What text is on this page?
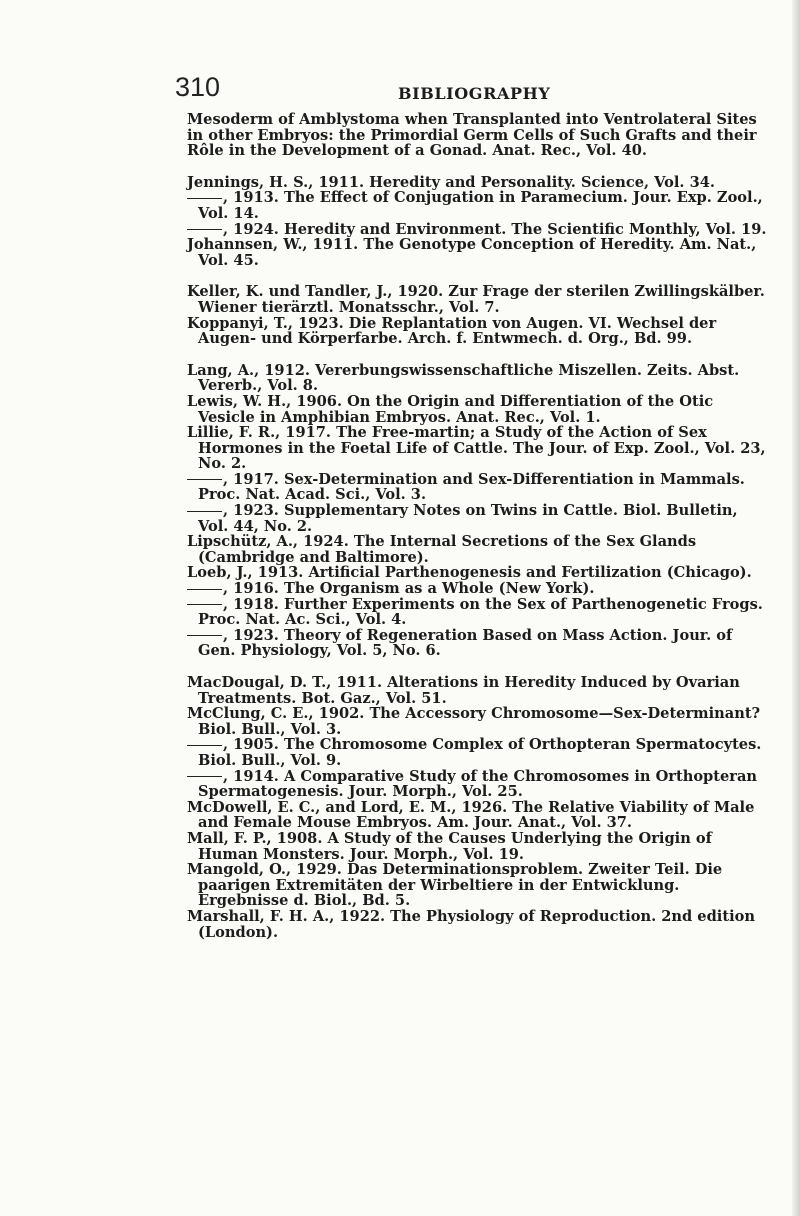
310	BIBLIOGRAPHY
Mesoderm of Amblystoma when Transplanted into Ventrolateral Sites in other Embryos: the Primordial Germ Cells of Such Grafts and their Rôle in the Development of a Gonad. Anat. Rec., Vol. 40.
Jennings, H. S., 1911. Heredity and Personality. Science, Vol. 34.
, 1913. The Effect of Conjugation in Paramecium. Jour. Exp. Zool., Vol. 14.
, 1924. Heredity and Environment. The Scientific Monthly, Vol. 19.
Johannsen, W., 1911. The Genotype Conception of Heredity. Am. Nat., Vol. 45.
Keller, K. und Tandler, J., 1920. Zur Frage der sterilen Zwillingskälber. Wiener tierärztl. Monatsschr., Vol. 7.
Koppanyi, T., 1923. Die Replantation von Augen. VI. Wechsel der Augen- und Körperfarbe. Arch. f. Entwmech. d. Org., Bd. 99.
Lang, A., 1912. Vererbungswissenschaftliche Miszellen. Zeits. Abst. Vererb., Vol. 8.
Lewis, W. H., 1906. On the Origin and Differentiation of the Otic Vesicle in Amphibian Embryos. Anat. Rec., Vol. 1.
Lillie, F. R., 1917. The Free-martin; a Study of the Action of Sex Hormones in the Foetal Life of Cattle. The Jour. of Exp. Zool., Vol. 23, No. 2.
, 1917. Sex-Determination and Sex-Differentiation in Mammals. Proc. Nat. Acad. Sci., Vol. 3.
, 1923. Supplementary Notes on Twins in Cattle. Biol. Bulletin, Vol. 44, No. 2.
Lipschütz, A., 1924. The Internal Secretions of the Sex Glands (Cambridge and Baltimore).
Loeb, J., 1913. Artificial Parthenogenesis and Fertilization (Chicago).
, 1916. The Organism as a Whole (New York).
, 1918. Further Experiments on the Sex of Parthenogenetic Frogs. Proc. Nat. Ac. Sci., Vol. 4.
, 1923. Theory of Regeneration Based on Mass Action. Jour. of Gen. Physiology, Vol. 5, No. 6.
MacDougal, D. T., 1911. Alterations in Heredity Induced by Ovarian Treatments. Bot. Gaz., Vol. 51.
McClung, C. E., 1902. The Accessory Chromosome—Sex-Determinant? Biol. Bull., Vol. 3.
, 1905. The Chromosome Complex of Orthopteran Spermatocytes. Biol. Bull., Vol. 9.
, 1914. A Comparative Study of the Chromosomes in Orthopteran Spermatogenesis. Jour. Morph., Vol. 25.
McDowell, E. C., and Lord, E. M., 1926. The Relative Viability of Male and Female Mouse Embryos. Am. Jour. Anat., Vol. 37.
Mall, F. P., 1908. A Study of the Causes Underlying the Origin of Human Monsters. Jour. Morph., Vol. 19.
Mangold, O., 1929. Das Determinationsproblem. Zweiter Teil. Die paarigen Extremitäten der Wirbeltiere in der Entwicklung. Ergebnisse d. Biol., Bd. 5.
Marshall, F. H. A., 1922. The Physiology of Reproduction. 2nd edition (London).
